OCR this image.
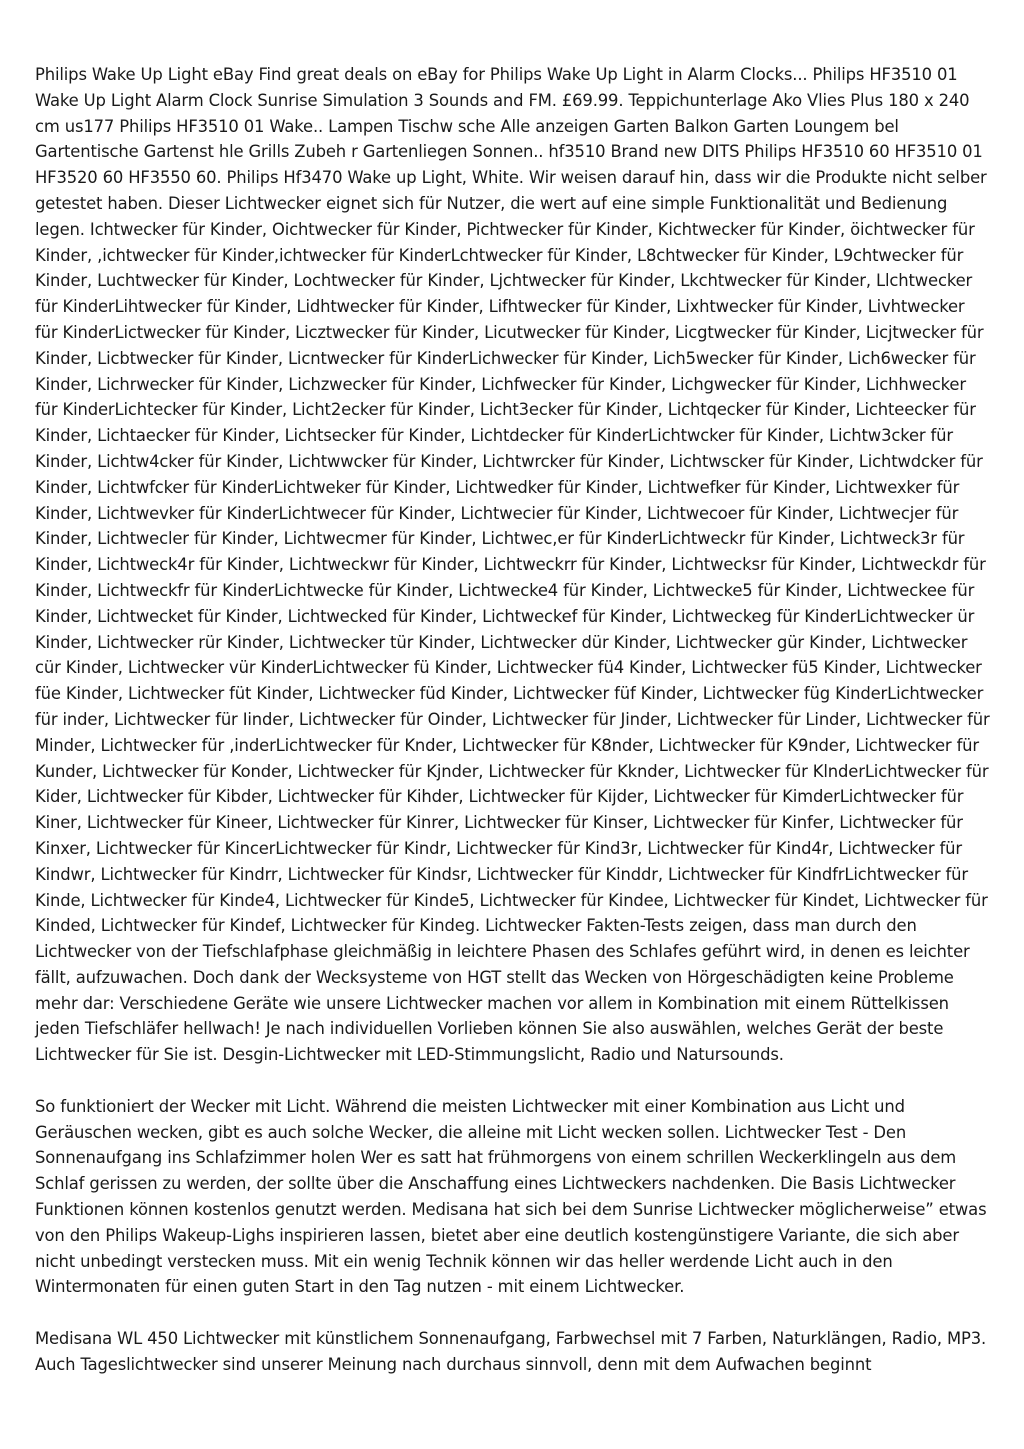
Philips Wake Up Light eBay Find great deals on eBay for Philips Wake Up Light in Alarm Clocks... Philips HF3510 01 Wake Up Light Alarm Clock Sunrise Simulation 3 Sounds and FM. £69.99. Teppichunterlage Ako Vlies Plus 180 x 240 cm us177 Philips HF3510 01 Wake.. Lampen Tischw sche Alle anzeigen Garten Balkon Garten Loungem bel Gartentische Gartenst hle Grills Zubeh r Gartenliegen Sonnen.. hf3510 Brand new DITS Philips HF3510 60 HF3510 01 HF3520 60 HF3550 60. Philips Hf3470 Wake up Light, White. Wir weisen darauf hin, dass wir die Produkte nicht selber getestet haben. Dieser Lichtwecker eignet sich für Nutzer, die wert auf eine simple Funktionalität und Bedienung legen. Ichtwecker für Kinder, Oichtwecker für Kinder, Pichtwecker für Kinder, Kichtwecker für Kinder, öichtwecker für Kinder, ,ichtwecker für Kinder,ichtwecker für KinderLchtwecker für Kinder, L8chtwecker für Kinder, L9chtwecker für Kinder, Luchtwecker für Kinder, Lochtwecker für Kinder, Ljchtwecker für Kinder, Lkchtwecker für Kinder, Llchtwecker für KinderLihtwecker für Kinder, Lidhtwecker für Kinder, Lifhtwecker für Kinder, Lixhtwecker für Kinder, Livhtwecker für KinderLictwecker für Kinder, Licztwecker für Kinder, Licutwecker für Kinder, Licgtwecker für Kinder, Licjtwecker für Kinder, Licbtwecker für Kinder, Licntwecker für KinderLichwecker für Kinder, Lich5wecker für Kinder, Lich6wecker für Kinder, Lichrwecker für Kinder, Lichzwecker für Kinder, Lichfwecker für Kinder, Lichgwecker für Kinder, Lichhwecker für KinderLichtecker für Kinder, Licht2ecker für Kinder, Licht3ecker für Kinder, Lichtqecker für Kinder, Lichteecker für Kinder, Lichtaecker für Kinder, Lichtsecker für Kinder, Lichtdecker für KinderLichtwcker für Kinder, Lichtw3cker für Kinder, Lichtw4cker für Kinder, Lichtwwcker für Kinder, Lichtwrcker für Kinder, Lichtwscker für Kinder, Lichtwdcker für Kinder, Lichtwfcker für KinderLichtweker für Kinder, Lichtwedker für Kinder, Lichtwefker für Kinder, Lichtwexker für Kinder, Lichtwevker für KinderLichtwecer für Kinder, Lichtwecier für Kinder, Lichtwecoer für Kinder, Lichtwecjer für Kinder, Lichtwecler für Kinder, Lichtwecmer für Kinder, Lichtwec,er für KinderLichtweckr für Kinder, Lichtweck3r für Kinder, Lichtweck4r für Kinder, Lichtweckwr für Kinder, Lichtweckrr für Kinder, Lichtwecksr für Kinder, Lichtweckdr für Kinder, Lichtweckfr für KinderLichtwecke für Kinder, Lichtwecke4 für Kinder, Lichtwecke5 für Kinder, Lichtweckee für Kinder, Lichtwecket für Kinder, Lichtwecked für Kinder, Lichtweckef für Kinder, Lichtweckeg für KinderLichtwecker ür Kinder, Lichtwecker rür Kinder, Lichtwecker tür Kinder, Lichtwecker dür Kinder, Lichtwecker gür Kinder, Lichtwecker cür Kinder, Lichtwecker vür KinderLichtwecker fü Kinder, Lichtwecker fü4 Kinder, Lichtwecker fü5 Kinder, Lichtwecker füe Kinder, Lichtwecker füt Kinder, Lichtwecker füd Kinder, Lichtwecker füf Kinder, Lichtwecker füg KinderLichtwecker für inder, Lichtwecker für Iinder, Lichtwecker für Oinder, Lichtwecker für Jinder, Lichtwecker für Linder, Lichtwecker für Minder, Lichtwecker für ,inderLichtwecker für Knder, Lichtwecker für K8nder, Lichtwecker für K9nder, Lichtwecker für Kunder, Lichtwecker für Konder, Lichtwecker für Kjnder, Lichtwecker für Kknder, Lichtwecker für KlnderLichtwecker für Kider, Lichtwecker für Kibder, Lichtwecker für Kihder, Lichtwecker für Kijder, Lichtwecker für KimderLichtwecker für Kiner, Lichtwecker für Kineer, Lichtwecker für Kinrer, Lichtwecker für Kinser, Lichtwecker für Kinfer, Lichtwecker für Kinxer, Lichtwecker für KincerLichtwecker für Kindr, Lichtwecker für Kind3r, Lichtwecker für Kind4r, Lichtwecker für Kindwr, Lichtwecker für Kindrr, Lichtwecker für Kindsr, Lichtwecker für Kinddr, Lichtwecker für KindfrLichtwecker für Kinde, Lichtwecker für Kinde4, Lichtwecker für Kinde5, Lichtwecker für Kindee, Lichtwecker für Kindet, Lichtwecker für Kinded, Lichtwecker für Kindef, Lichtwecker für Kindeg. Lichtwecker Fakten-Tests zeigen, dass man durch den Lichtwecker von der Tiefschlafphase gleichmäßig in leichtere Phasen des Schlafes geführt wird, in denen es leichter fällt, aufzuwachen. Doch dank der Wecksysteme von HGT stellt das Wecken von Hörgeschädigten keine Probleme mehr dar: Verschiedene Geräte wie unsere Lichtwecker machen vor allem in Kombination mit einem Rüttelkissen jeden Tiefschläfer hellwach! Je nach individuellen Vorlieben können Sie also auswählen, welches Gerät der beste Lichtwecker für Sie ist. Desgin-Lichtwecker mit LED-Stimmungslicht, Radio und Natursounds.

So funktioniert der Wecker mit Licht. Während die meisten Lichtwecker mit einer Kombination aus Licht und Geräuschen wecken, gibt es auch solche Wecker, die alleine mit Licht wecken sollen. Lichtwecker Test - Den Sonnenaufgang ins Schlafzimmer holen Wer es satt hat frühmorgens von einem schrillen Weckerklingeln aus dem Schlaf gerissen zu werden, der sollte über die Anschaffung eines Lichtweckers nachdenken. Die Basis Lichtwecker Funktionen können kostenlos genutzt werden. Medisana hat sich bei dem Sunrise Lichtwecker möglicherweise” etwas von den Philips Wakeup-Lighs inspirieren lassen, bietet aber eine deutlich kostengünstigere Variante, die sich aber nicht unbedingt verstecken muss. Mit ein wenig Technik können wir das heller werdende Licht auch in den Wintermonaten für einen guten Start in den Tag nutzen - mit einem Lichtwecker.

Medisana WL 450 Lichtwecker mit künstlichem Sonnenaufgang, Farbwechsel mit 7 Farben, Naturklängen, Radio, MP3. Auch Tageslichtwecker sind unserer Meinung nach durchaus sinnvoll, denn mit dem Aufwachen beginnt
